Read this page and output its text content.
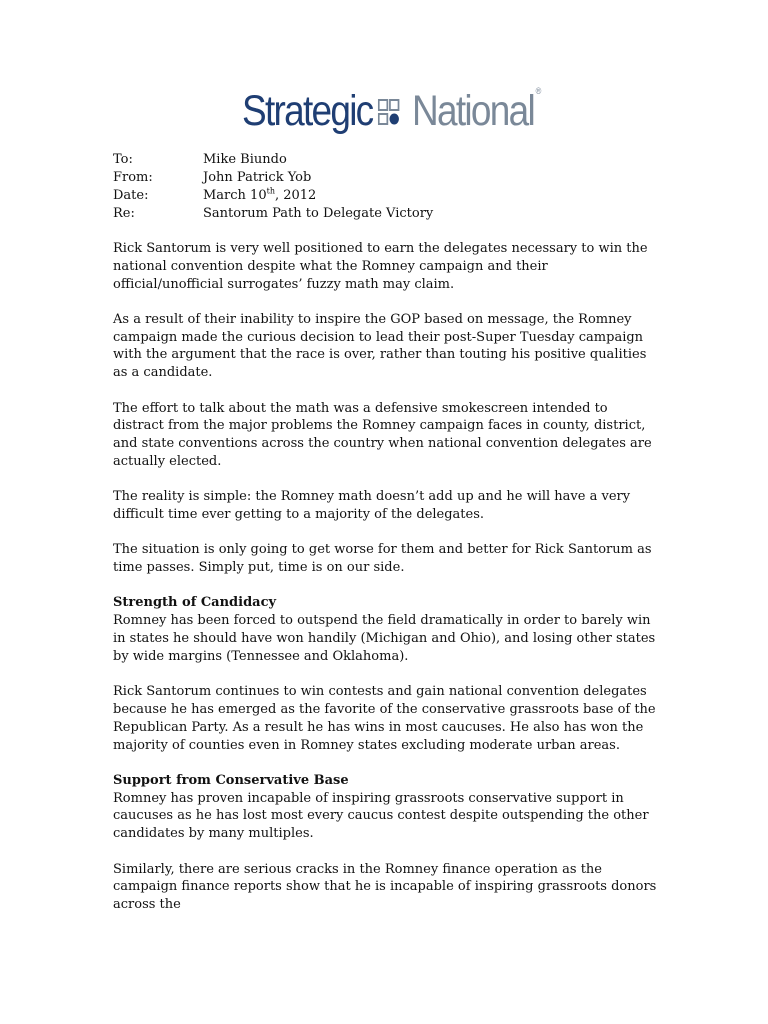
Strategic National ®
To:	Mike Biundo
From:	John Patrick Yob
Date:	March 10th, 2012
Re:	Santorum Path to Delegate Victory

Rick Santorum is very well positioned to earn the delegates necessary to win the national convention despite what the Romney campaign and their official/unofficial surrogates’ fuzzy math may claim.

As a result of their inability to inspire the GOP based on message, the Romney campaign made the curious decision to lead their post-Super Tuesday campaign with the argument that the race is over, rather than touting his positive qualities as a candidate.

The effort to talk about the math was a defensive smokescreen intended to distract from the major problems the Romney campaign faces in county, district, and state conventions across the country when national convention delegates are actually elected.

The reality is simple: the Romney math doesn’t add up and he will have a very difficult time ever getting to a majority of the delegates.

The situation is only going to get worse for them and better for Rick Santorum as time passes. Simply put, time is on our side.

Strength of Candidacy

Romney has been forced to outspend the field dramatically in order to barely win in states he should have won handily (Michigan and Ohio), and losing other states by wide margins (Tennessee and Oklahoma).

Rick Santorum continues to win contests and gain national convention delegates because he has emerged as the favorite of the conservative grassroots base of the Republican Party. As a result he has wins in most caucuses. He also has won the majority of counties even in Romney states excluding moderate urban areas.

Support from Conservative Base

Romney has proven incapable of inspiring grassroots conservative support in caucuses as he has lost most every caucus contest despite outspending the other candidates by many multiples.

Similarly, there are serious cracks in the Romney finance operation as the campaign finance reports show that he is incapable of inspiring grassroots donors across the
